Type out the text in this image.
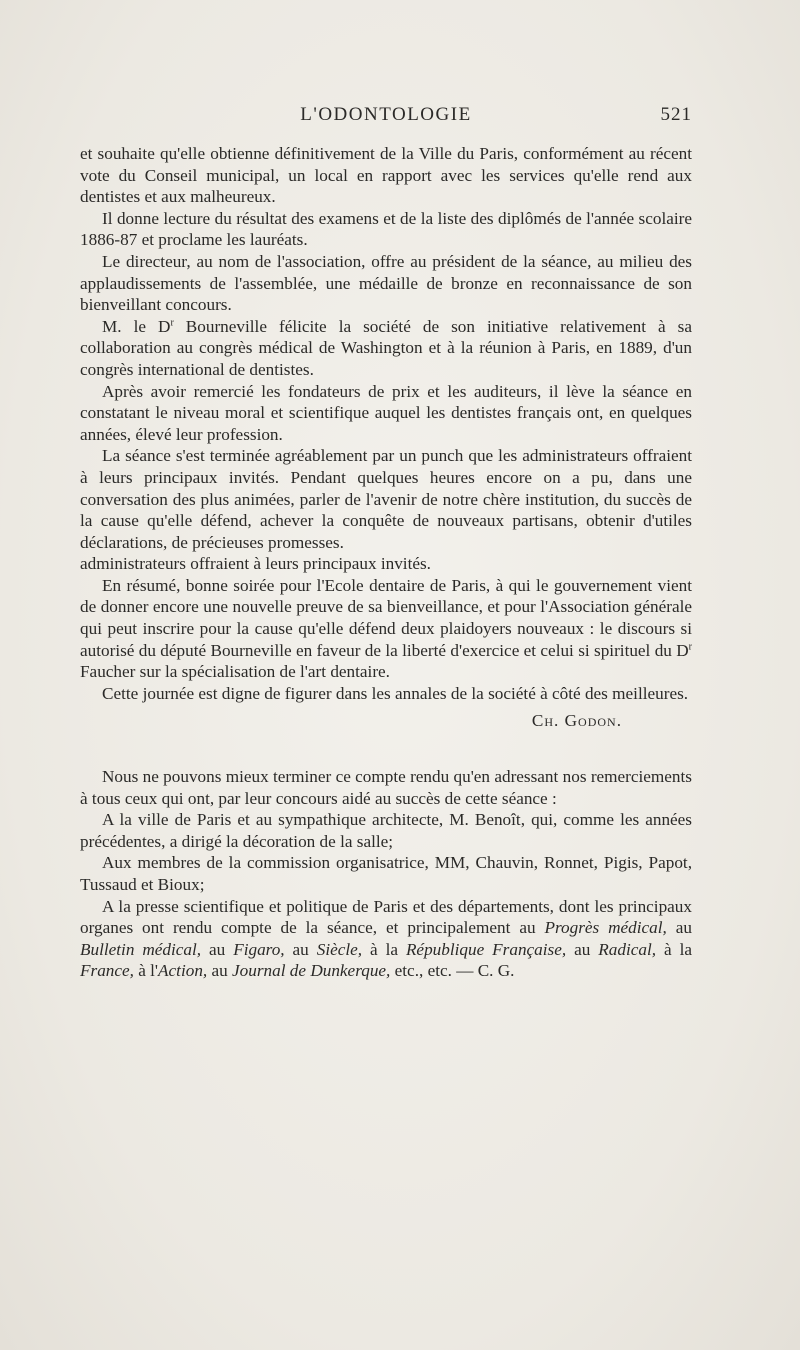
L'ODONTOLOGIE	521

et souhaite qu'elle obtienne définitivement de la Ville du Paris, conformément au récent vote du Conseil municipal, un local en rapport avec les services qu'elle rend aux dentistes et aux malheureux.

Il donne lecture du résultat des examens et de la liste des diplômés de l'année scolaire 1886-87 et proclame les lauréats.

Le directeur, au nom de l'association, offre au président de la séance, au milieu des applaudissements de l'assemblée, une médaille de bronze en reconnaissance de son bienveillant concours.

M. le $D^r$ Bourneville félicite la société de son initiative relativement à sa collaboration au congrès médical de Washington et à la réunion à Paris, en 1889, d'un congrès international de dentistes.

Après avoir remercié les fondateurs de prix et les auditeurs, il lève la séance en constatant le niveau moral et scientifique auquel les dentistes français ont, en quelques années, élevé leur profession.

La séance s'est terminée agréablement par un punch que les administrateurs offraient à leurs principaux invités. Pendant quelques heures encore on a pu, dans une conversation des plus animées, parler de l'avenir de notre chère institution, du succès de la cause qu'elle défend, achever la conquête de nouveaux partisans, obtenir d'utiles déclarations, de précieuses promesses.

administrateurs offraient à leurs principaux invités.

En résumé, bonne soirée pour l'Ecole dentaire de Paris, à qui le gouvernement vient de donner encore une nouvelle preuve de sa bienveillance, et pour l'Association générale qui peut inscrire pour la cause qu'elle défend deux plaidoyers nouveaux : le discours si autorisé du député Bourneville en faveur de la liberté d'exercice et celui si spirituel du $D^r$ Faucher sur la spécialisation de l'art dentaire.

Cette journée est digne de figurer dans les annales de la société à côté des meilleures.

Ch. Godon.

Nous ne pouvons mieux terminer ce compte rendu qu'en adressant nos remerciements à tous ceux qui ont, par leur concours aidé au succès de cette séance :

A la ville de Paris et au sympathique architecte, M. Benoît, qui, comme les années précédentes, a dirigé la décoration de la salle;

Aux membres de la commission organisatrice, MM, Chauvin, Ronnet, Pigis, Papot, Tussaud et Bioux;

A la presse scientifique et politique de Paris et des départements, dont les principaux organes ont rendu compte de la séance, et principalement au Progrès médical, au Bulletin médical, au Figaro, au Siècle, à la République Française, au Radical, à la France, à l'Action, au Journal de Dunkerque, etc., etc. — C. G.
